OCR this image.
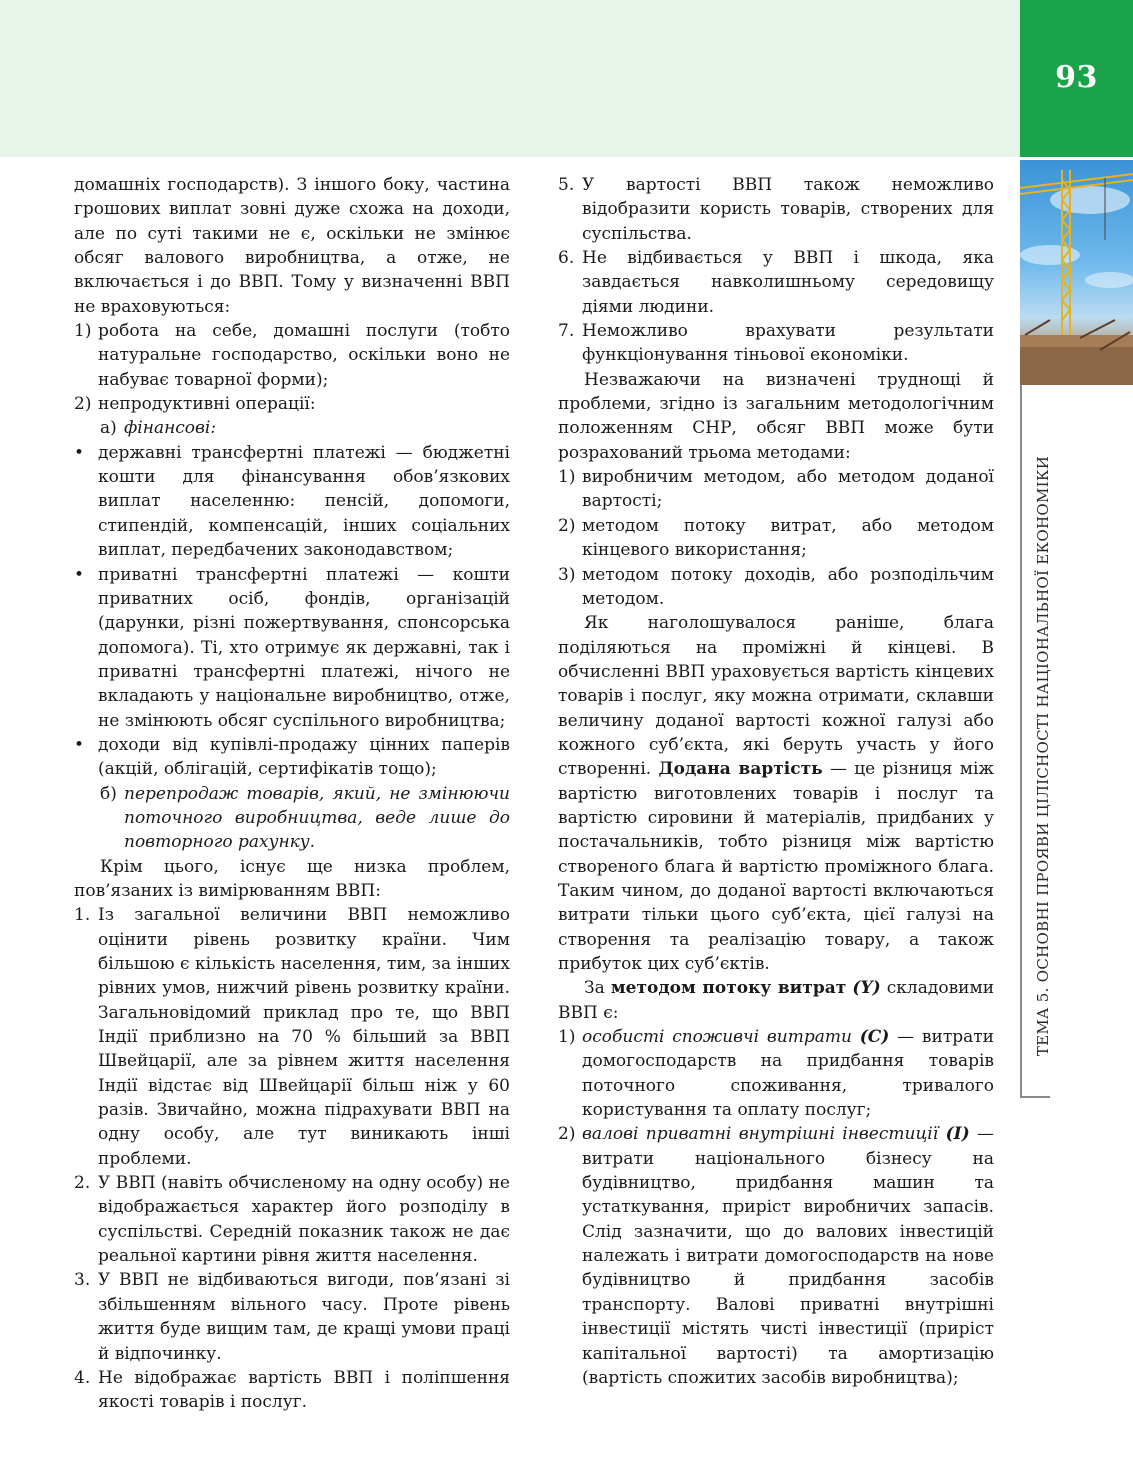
93
ТЕМА 5. ОСНОВНІ ПРОЯВИ ЦІЛІСНОСТІ НАЦІОНАЛЬНОЇ ЕКОНОМІКИ

домашніх господарств). З іншого боку, частина грошових виплат зовні дуже схожа на доходи, але по суті такими не є, оскільки не змінює обсяг валового виробництва, а отже, не включається і до ВВП. Тому у визначенні ВВП не враховуються:

1) робота на себе, домашні послуги (тобто натуральне господарство, оскільки воно не набуває товарної форми);
2) непродуктивні операції:
а) фінансові:
• державні трансфертні платежі — бюджетні кошти для фінансування обов’язкових виплат населенню: пенсій, допомоги, стипендій, компенсацій, інших соціальних виплат, передбачених законодавством;
• приватні трансфертні платежі — кошти приватних осіб, фондів, організацій (дарунки, різні пожертвування, спонсорська допомога). Ті, хто отримує як державні, так і приватні трансфертні платежі, нічого не вкладають у національне виробництво, отже, не змінюють обсяг суспільного виробництва;
• доходи від купівлі-продажу цінних паперів (акцій, облігацій, сертифікатів тощо);
б) перепродаж товарів, який, не змінюючи поточного виробництва, веде лише до повторного рахунку.

Крім цього, існує ще низка проблем, пов’язаних із вимірюванням ВВП:

1. Із загальної величини ВВП неможливо оцінити рівень розвитку країни. Чим більшою є кількість населення, тим, за інших рівних умов, нижчий рівень розвитку країни. Загальновідомий приклад про те, що ВВП Індії приблизно на 70 % більший за ВВП Швейцарії, але за рівнем життя населення Індії відстає від Швейцарії більш ніж у 60 разів. Звичайно, можна підрахувати ВВП на одну особу, але тут виникають інші проблеми.
2. У ВВП (навіть обчисленому на одну особу) не відображається характер його розподілу в суспільстві. Середній показник також не дає реальної картини рівня життя населення.
3. У ВВП не відбиваються вигоди, пов’язані зі збільшенням вільного часу. Проте рівень життя буде вищим там, де кращі умови праці й відпочинку.
4. Не відображає вартість ВВП і поліпшення якості товарів і послуг.
5. У вартості ВВП також неможливо відобразити користь товарів, створених для суспільства.
6. Не відбивається у ВВП і шкода, яка завдається навколишньому середовищу діями людини.
7. Неможливо врахувати результати функціонування тіньової економіки.

Незважаючи на визначені труднощі й проблеми, згідно із загальним методологічним положенням СНР, обсяг ВВП може бути розрахований трьома методами:

1) виробничим методом, або методом доданої вартості;
2) методом потоку витрат, або методом кінцевого використання;
3) методом потоку доходів, або розподільчим методом.

Як наголошувалося раніше, блага поділяються на проміжні й кінцеві. В обчисленні ВВП ураховується вартість кінцевих товарів і послуг, яку можна отримати, склавши величину доданої вартості кожної галузі або кожного суб’єкта, які беруть участь у його створенні. Додана вартість — це різниця між вартістю виготовлених товарів і послуг та вартістю сировини й матеріалів, придбаних у постачальників, тобто різниця між вартістю створеного блага й вартістю проміжного блага. Таким чином, до доданої вартості включаються витрати тільки цього суб’єкта, цієї галузі на створення та реалізацію товару, а також прибуток цих суб’єктів.

За методом потоку витрат (Y) складовими ВВП є:

1) особисті споживчі витрати (C) — витрати домогосподарств на придбання товарів поточного споживання, тривалого користування та оплату послуг;
2) валові приватні внутрішні інвестиції (I) — витрати національного бізнесу на будівництво, придбання машин та устаткування, приріст виробничих запасів. Слід зазначити, що до валових інвестицій належать і витрати домогосподарств на нове будівництво й придбання засобів транспорту. Валові приватні внутрішні інвестиції містять чисті інвестиції (приріст капітальної вартості) та амортизацію (вартість спожитих засобів виробництва);
